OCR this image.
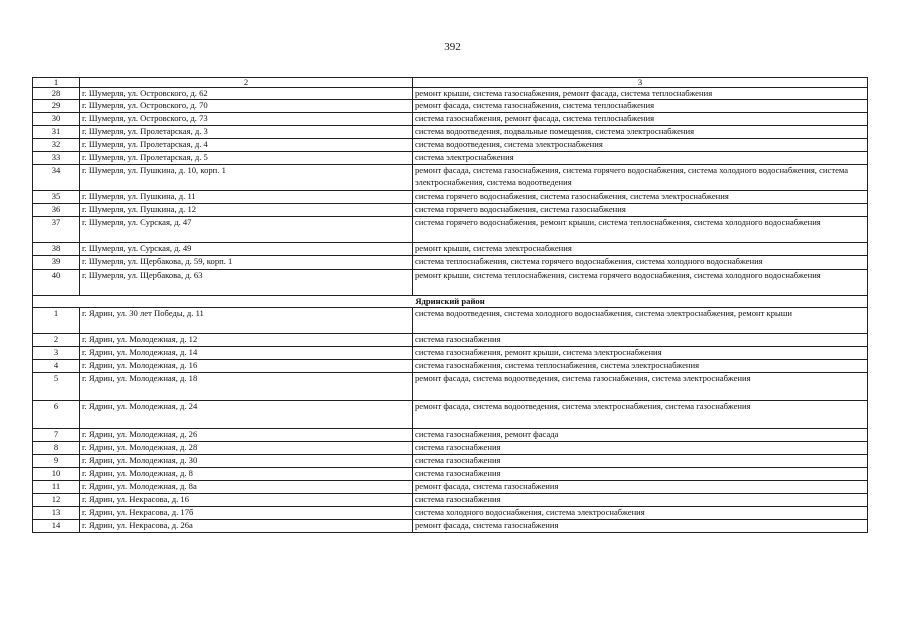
392
1	2	3
28	г. Шумерля, ул. Островского, д. 62	ремонт крыши, система газоснабжения, ремонт фасада, система теплоснабжения
29	г. Шумерля, ул. Островского, д. 70	ремонт фасада, система газоснабжения, система теплоснабжения
30	г. Шумерля, ул. Островского, д. 73	система газоснабжения, ремонт фасада, система теплоснабжения
31	г. Шумерля, ул. Пролетарская, д. 3	система водоотведения, подвальные помещения, система электроснабжения
32	г. Шумерля, ул. Пролетарская, д. 4	система водоотведения, система электроснабжения
33	г. Шумерля, ул. Пролетарская, д. 5	система электроснабжения
34	г. Шумерля, ул. Пушкина, д. 10, корп. 1	ремонт фасада, система газоснабжения, система горячего водоснабжения, система холодного водоснабжения, система электроснабжения, система водоотведения
35	г. Шумерля, ул. Пушкина, д. 11	система горячего водоснабжения, система газоснабжения, система электроснабжения
36	г. Шумерля, ул. Пушкина, д. 12	система горячего водоснабжения, система газоснабжения
37	г. Шумерля, ул. Сурская, д. 47	система горячего водоснабжения, ремонт крыши, система теплоснабжения, система холодного водоснабжения
38	г. Шумерля, ул. Сурская, д. 49	ремонт крыши, система электроснабжения
39	г. Шумерля, ул. Щербакова, д. 59, корп. 1	система теплоснабжения, система горячего водоснабжения, система холодного водоснабжения
40	г. Шумерля, ул. Щербакова, д. 63	ремонт крыши, система теплоснабжения, система горячего водоснабжения, система холодного водоснабжения
Ядринский район		
1	г. Ядрин, ул. 30 лет Победы, д. 11	система водоотведения, система холодного водоснабжения, система электроснабжения, ремонт крыши
2	г. Ядрин, ул. Молодежная, д. 12	система газоснабжения
3	г. Ядрин, ул. Молодежная, д. 14	система газоснабжения, ремонт крыши, система электроснабжения
4	г. Ядрин, ул. Молодежная, д. 16	система газоснабжения, система теплоснабжения, система электроснабжения
5	г. Ядрин, ул. Молодежная, д. 18	ремонт фасада, система водоотведения, система газоснабжения, система электроснабжения
6	г. Ядрин, ул. Молодежная, д. 24	ремонт фасада, система водоотведения, система электроснабжения, система газоснабжения
7	г. Ядрин, ул. Молодежная, д. 26	система газоснабжения, ремонт фасада
8	г. Ядрин, ул. Молодежная, д. 28	система газоснабжения
9	г. Ядрин, ул. Молодежная, д. 30	система газоснабжения
10	г. Ядрин, ул. Молодежная, д. 8	система газоснабжения
11	г. Ядрин, ул. Молодежная, д. 8а	ремонт фасада, система газоснабжения
12	г. Ядрин, ул. Некрасова, д. 16	система газоснабжения
13	г. Ядрин, ул. Некрасова, д. 17б	система холодного водоснабжения, система электроснабжения
14	г. Ядрин, ул. Некрасова, д. 26а	ремонт фасада, система газоснабжения
